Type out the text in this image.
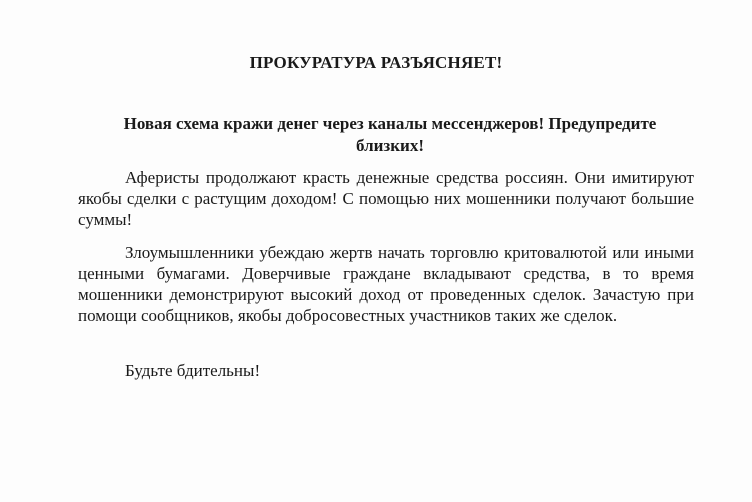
ПРОКУРАТУРА РАЗЪЯСНЯЕТ!
Новая схема кражи денег через каналы мессенджеров! Предупредите близких!

Аферисты продолжают красть денежные средства россиян. Они имитируют якобы сделки с растущим доходом! С помощью них мошенники получают большие суммы!

Злоумышленники убеждаю жертв начать торговлю критовалютой или иными ценными бумагами. Доверчивые граждане вкладывают средства, в то время мошенники демонстрируют высокий доход от проведенных сделок. Зачастую при помощи сообщников, якобы добросовестных участников таких же сделок.

Будьте бдительны!
